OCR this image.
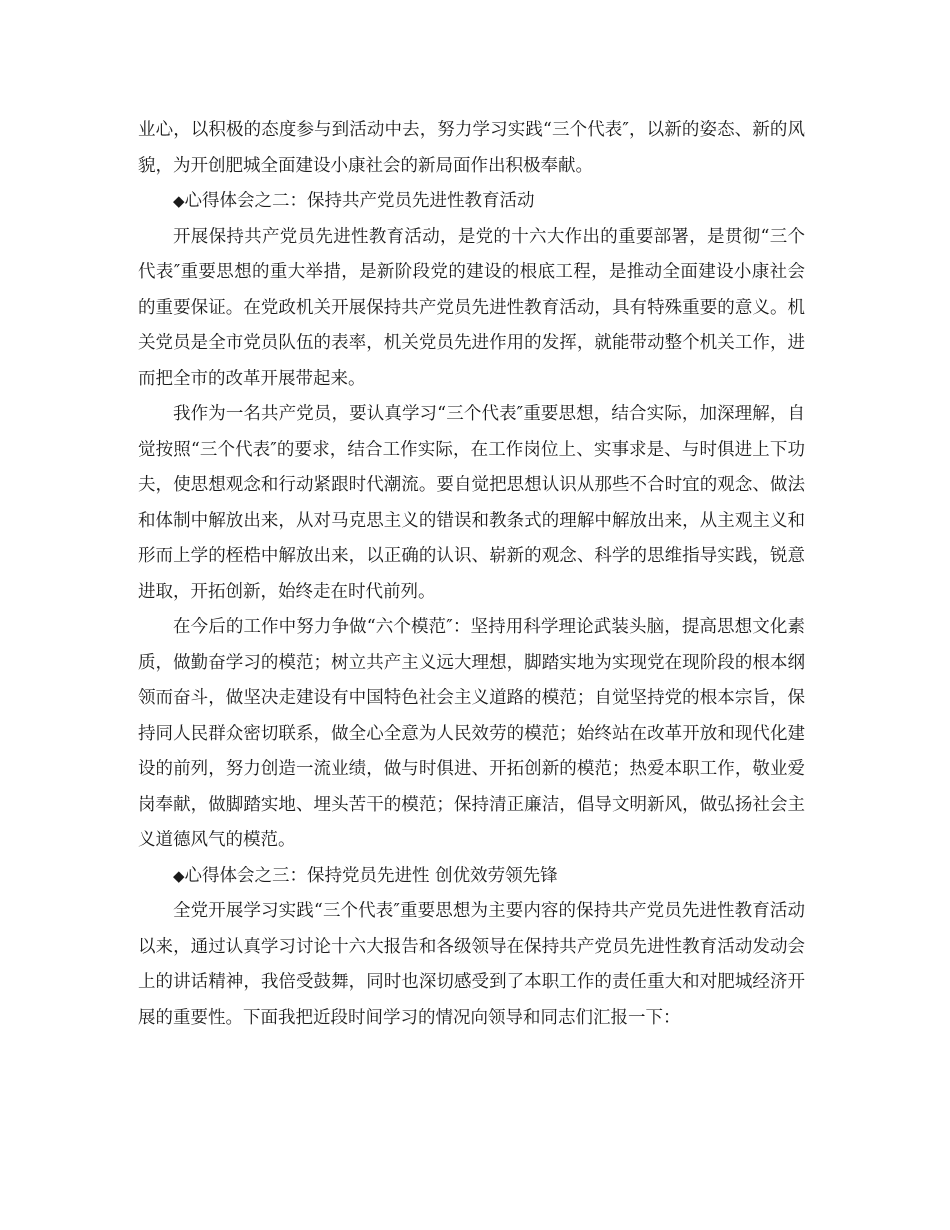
业心，以积极的态度参与到活动中去，努力学习实践“三个代表″，以新的姿态、新的风貌，为开创肥城全面建设小康社会的新局面作出积极奉献。

◆心得体会之二：保持共产党员先进性教育活动

开展保持共产党员先进性教育活动，是党的十六大作出的重要部署，是贯彻“三个代表″重要思想的重大举措，是新阶段党的建设的根底工程，是推动全面建设小康社会的重要保证。在党政机关开展保持共产党员先进性教育活动，具有特殊重要的意义。机关党员是全市党员队伍的表率，机关党员先进作用的发挥，就能带动整个机关工作，进而把全市的改革开展带起来。

我作为一名共产党员，要认真学习“三个代表″重要思想，结合实际，加深理解，自觉按照“三个代表″的要求，结合工作实际，在工作岗位上、实事求是、与时俱进上下功夫，使思想观念和行动紧跟时代潮流。要自觉把思想认识从那些不合时宜的观念、做法和体制中解放出来，从对马克思主义的错误和教条式的理解中解放出来，从主观主义和形而上学的桎梏中解放出来，以正确的认识、崭新的观念、科学的思维指导实践，锐意进取，开拓创新，始终走在时代前列。

在今后的工作中努力争做“六个模范″：坚持用科学理论武装头脑，提高思想文化素质，做勤奋学习的模范；树立共产主义远大理想，脚踏实地为实现党在现阶段的根本纲领而奋斗，做坚决走建设有中国特色社会主义道路的模范；自觉坚持党的根本宗旨，保持同人民群众密切联系，做全心全意为人民效劳的模范；始终站在改革开放和现代化建设的前列，努力创造一流业绩，做与时俱进、开拓创新的模范；热爱本职工作，敬业爱岗奉献，做脚踏实地、埋头苦干的模范；保持清正廉洁，倡导文明新风，做弘扬社会主义道德风气的模范。

◆心得体会之三：保持党员先进性 创优效劳领先锋

全党开展学习实践“三个代表″重要思想为主要内容的保持共产党员先进性教育活动以来，通过认真学习讨论十六大报告和各级领导在保持共产党员先进性教育活动发动会上的讲话精神，我倍受鼓舞，同时也深切感受到了本职工作的责任重大和对肥城经济开展的重要性。下面我把近段时间学习的情况向领导和同志们汇报一下：
